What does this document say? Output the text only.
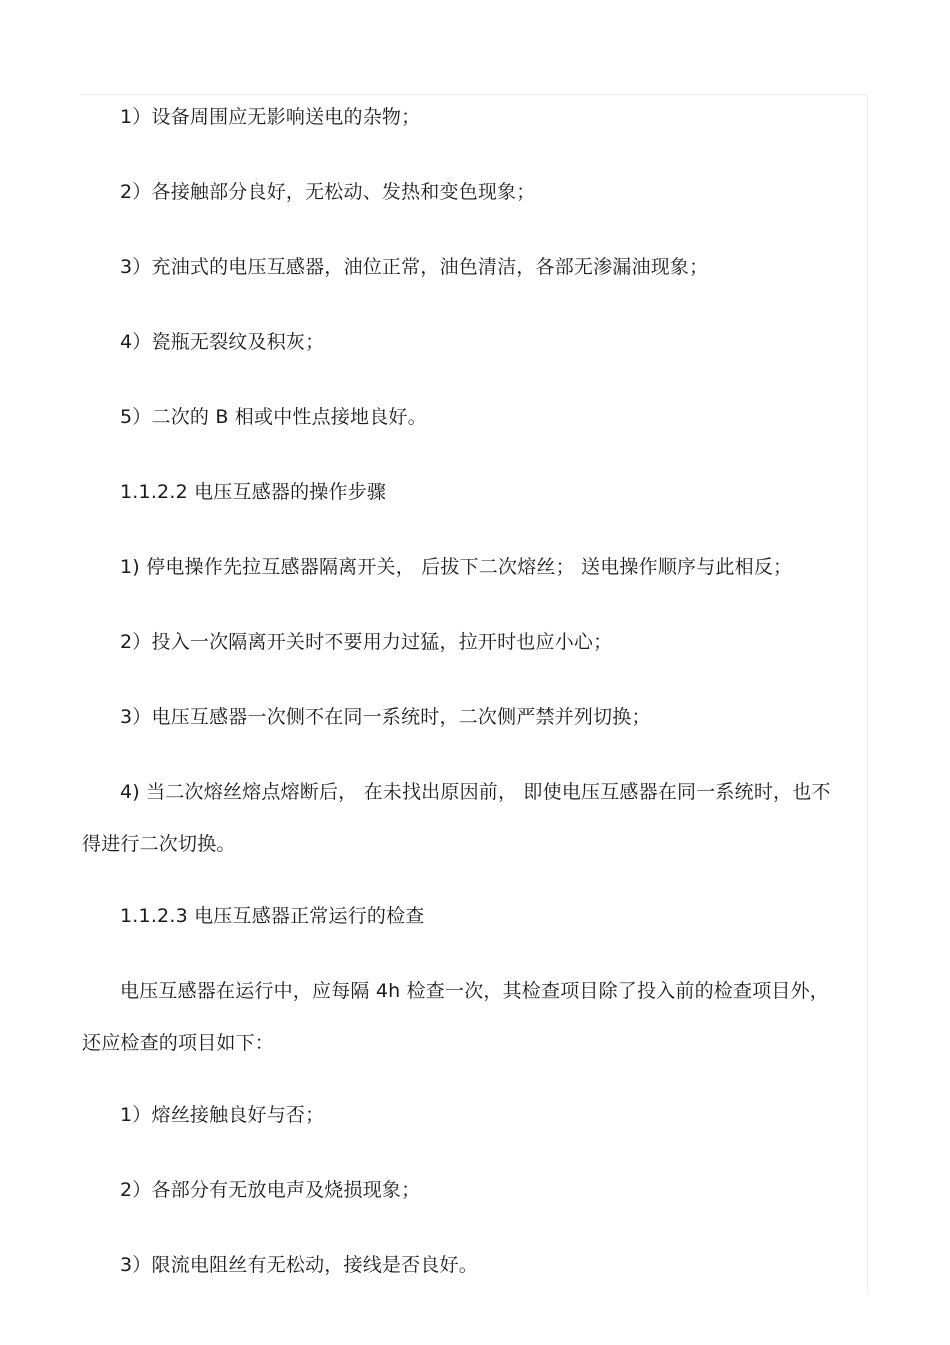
1）设备周围应无影响送电的杂物；

2）各接触部分良好，无松动、发热和变色现象；

3）充油式的电压互感器，油位正常，油色清洁，各部无渗漏油现象；

4）瓷瓶无裂纹及积灰；

5）二次的 B 相或中性点接地良好。

1.1.2.2 电压互感器的操作步骤

1) 停电操作先拉互感器隔离开关， 后拔下二次熔丝； 送电操作顺序与此相反；

2）投入一次隔离开关时不要用力过猛，拉开时也应小心；

3）电压互感器一次侧不在同一系统时，二次侧严禁并列切换；

4) 当二次熔丝熔点熔断后， 在未找出原因前， 即使电压互感器在同一系统时，也不得进行二次切换。

1.1.2.3 电压互感器正常运行的检查

电压互感器在运行中，应每隔 4h 检查一次，其检查项目除了投入前的检查项目外，还应检查的项目如下：

1）熔丝接触良好与否；

2）各部分有无放电声及烧损现象；

3）限流电阻丝有无松动，接线是否良好。
